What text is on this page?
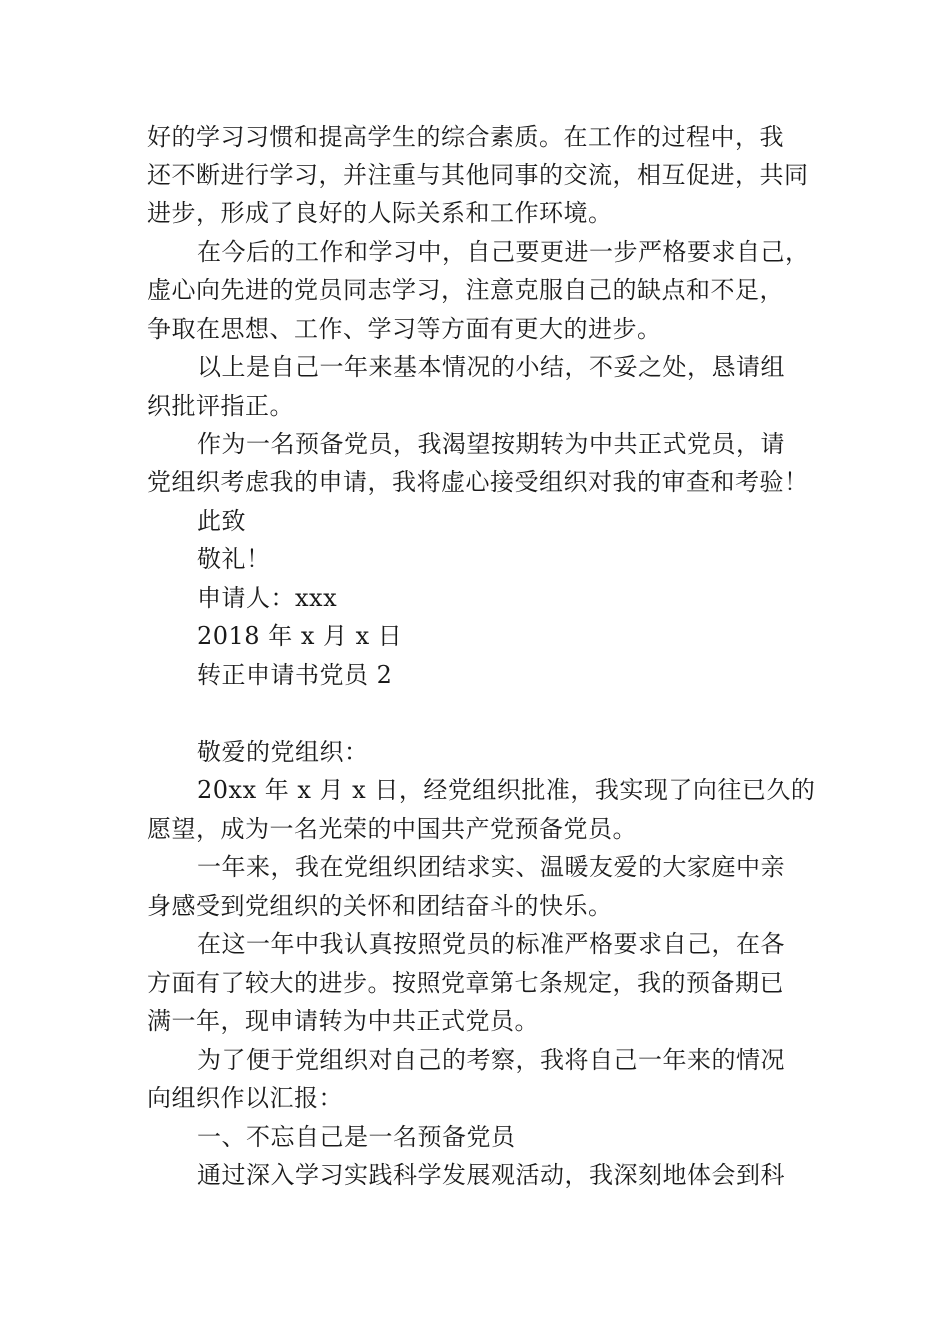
好的学习习惯和提高学生的综合素质。在工作的过程中，我
还不断进行学习，并注重与其他同事的交流，相互促进，共同
进步，形成了良好的人际关系和工作环境。
在今后的工作和学习中，自己要更进一步严格要求自己，
虚心向先进的党员同志学习，注意克服自己的缺点和不足，
争取在思想、工作、学习等方面有更大的进步。
以上是自己一年来基本情况的小结，不妥之处，恳请组
织批评指正。
作为一名预备党员，我渴望按期转为中共正式党员，请
党组织考虑我的申请，我将虚心接受组织对我的审查和考验！
此致
敬礼！
申请人：xxx
2018 年 x 月 x 日
转正申请书党员 2
敬爱的党组织：
20xx 年 x 月 x 日，经党组织批准，我实现了向往已久的
愿望，成为一名光荣的中国共产党预备党员。
一年来，我在党组织团结求实、温暖友爱的大家庭中亲
身感受到党组织的关怀和团结奋斗的快乐。
在这一年中我认真按照党员的标准严格要求自己，在各
方面有了较大的进步。按照党章第七条规定，我的预备期已
满一年，现申请转为中共正式党员。
为了便于党组织对自己的考察，我将自己一年来的情况
向组织作以汇报：
一、不忘自己是一名预备党员
通过深入学习实践科学发展观活动，我深刻地体会到科
